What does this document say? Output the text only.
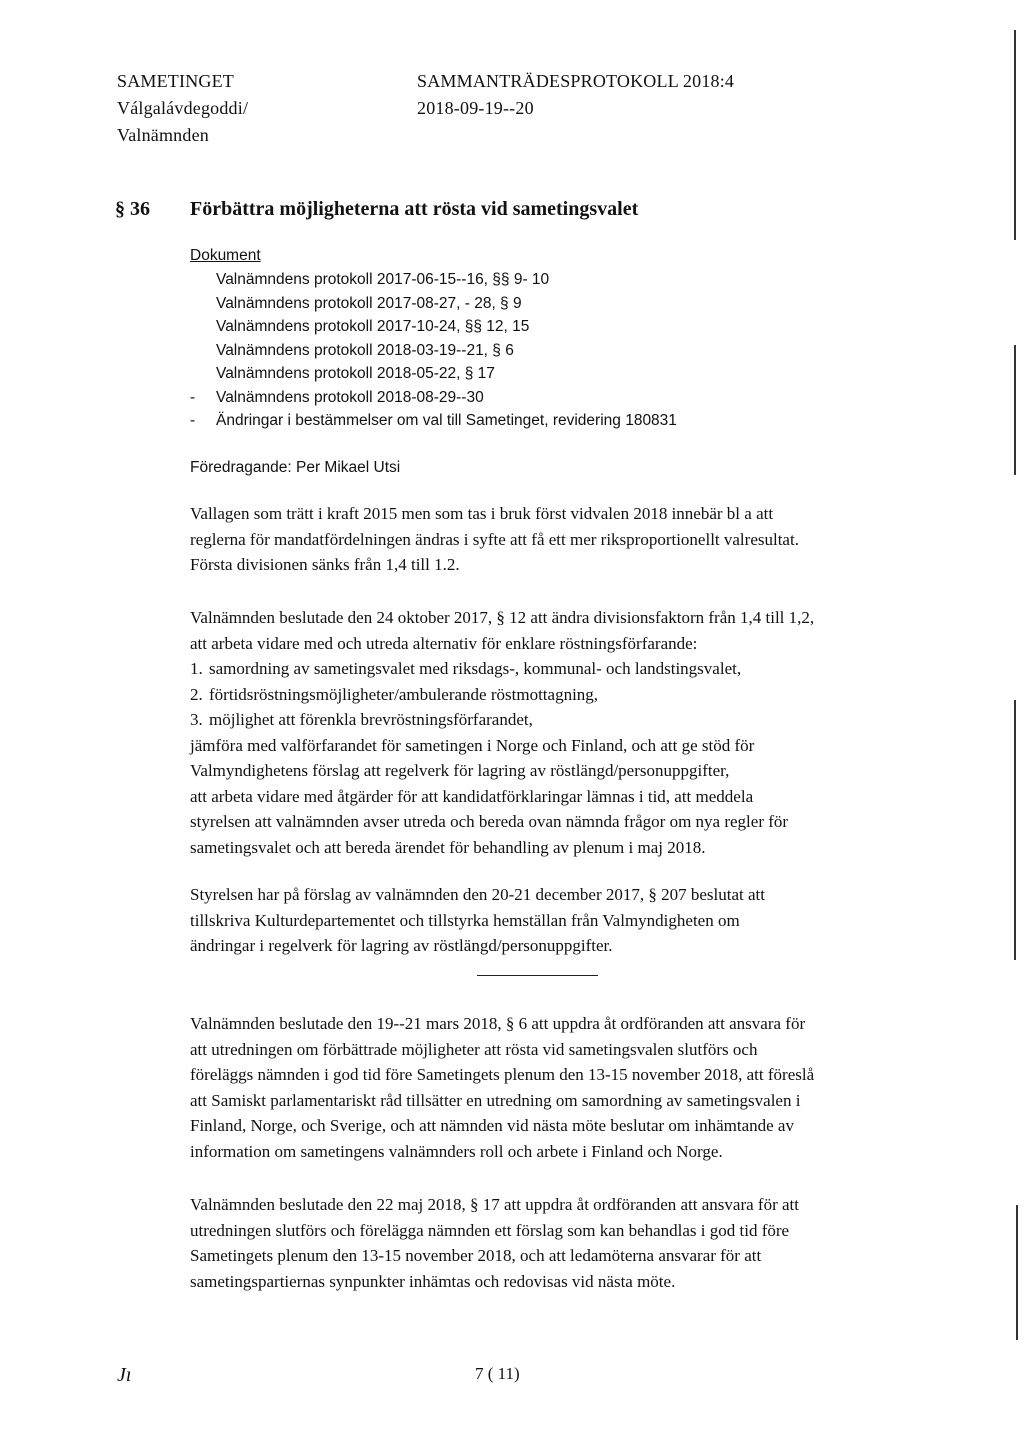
SAMETINGET
Válgalávdegoddi/
Valnämnden
SAMMANTRÄDESPROTOKOLL 2018:4
2018-09-19--20
§ 36 Förbättra möjligheterna att rösta vid sametingsvalet
Dokument
Valnämndens protokoll 2017-06-15--16, §§ 9- 10
Valnämndens protokoll 2017-08-27, - 28, § 9
Valnämndens protokoll 2017-10-24, §§ 12, 15
Valnämndens protokoll 2018-03-19--21, § 6
Valnämndens protokoll 2018-05-22, § 17
- Valnämndens protokoll 2018-08-29--30
- Ändringar i bestämmelser om val till Sametinget, revidering 180831
Föredragande: Per Mikael Utsi

Vallagen som trätt i kraft 2015 men som tas i bruk först vidvalen 2018 innebär bl a att

reglerna för mandatfördelningen ändras i syfte att få ett mer riksproportionellt valresultat.

Första divisionen sänks från 1,4 till 1.2.

Valnämnden beslutade den 24 oktober 2017, § 12 att ändra divisionsfaktorn från 1,4 till 1,2,

att arbeta vidare med och utreda alternativ för enklare röstningsförfarande:

1. samordning av sametingsvalet med riksdags-, kommunal- och landstingsvalet,
2. förtidsröstningsmöjligheter/ambulerande röstmottagning,
3. möjlighet att förenkla brevröstningsförfarandet,

jämföra med valförfarandet för sametingen i Norge och Finland, och att ge stöd för

Valmyndighetens förslag att regelverk för lagring av röstlängd/personuppgifter,

att arbeta vidare med åtgärder för att kandidatförklaringar lämnas i tid, att meddela

styrelsen att valnämnden avser utreda och bereda ovan nämnda frågor om nya regler för

sametingsvalet och att bereda ärendet för behandling av plenum i maj 2018.

Styrelsen har på förslag av valnämnden den 20-21 december 2017, § 207 beslutat att

tillskriva Kulturdepartementet och tillstyrka hemställan från Valmyndigheten om

ändringar i regelverk för lagring av röstlängd/personuppgifter.

Valnämnden beslutade den 19--21 mars 2018, § 6 att uppdra åt ordföranden att ansvara för

att utredningen om förbättrade möjligheter att rösta vid sametingsvalen slutförs och

föreläggs nämnden i god tid före Sametingets plenum den 13-15 november 2018, att föreslå

att Samiskt parlamentariskt råd tillsätter en utredning om samordning av sametingsvalen i

Finland, Norge, och Sverige, och att nämnden vid nästa möte beslutar om inhämtande av

information om sametingens valnämnders roll och arbete i Finland och Norge.

Valnämnden beslutade den 22 maj 2018, § 17 att uppdra åt ordföranden att ansvara för att

utredningen slutförs och förelägga nämnden ett förslag som kan behandlas i god tid före

Sametingets plenum den 13-15 november 2018, och att ledamöterna ansvarar för att

sametingspartiernas synpunkter inhämtas och redovisas vid nästa möte.

Jı	7 ( 11)
